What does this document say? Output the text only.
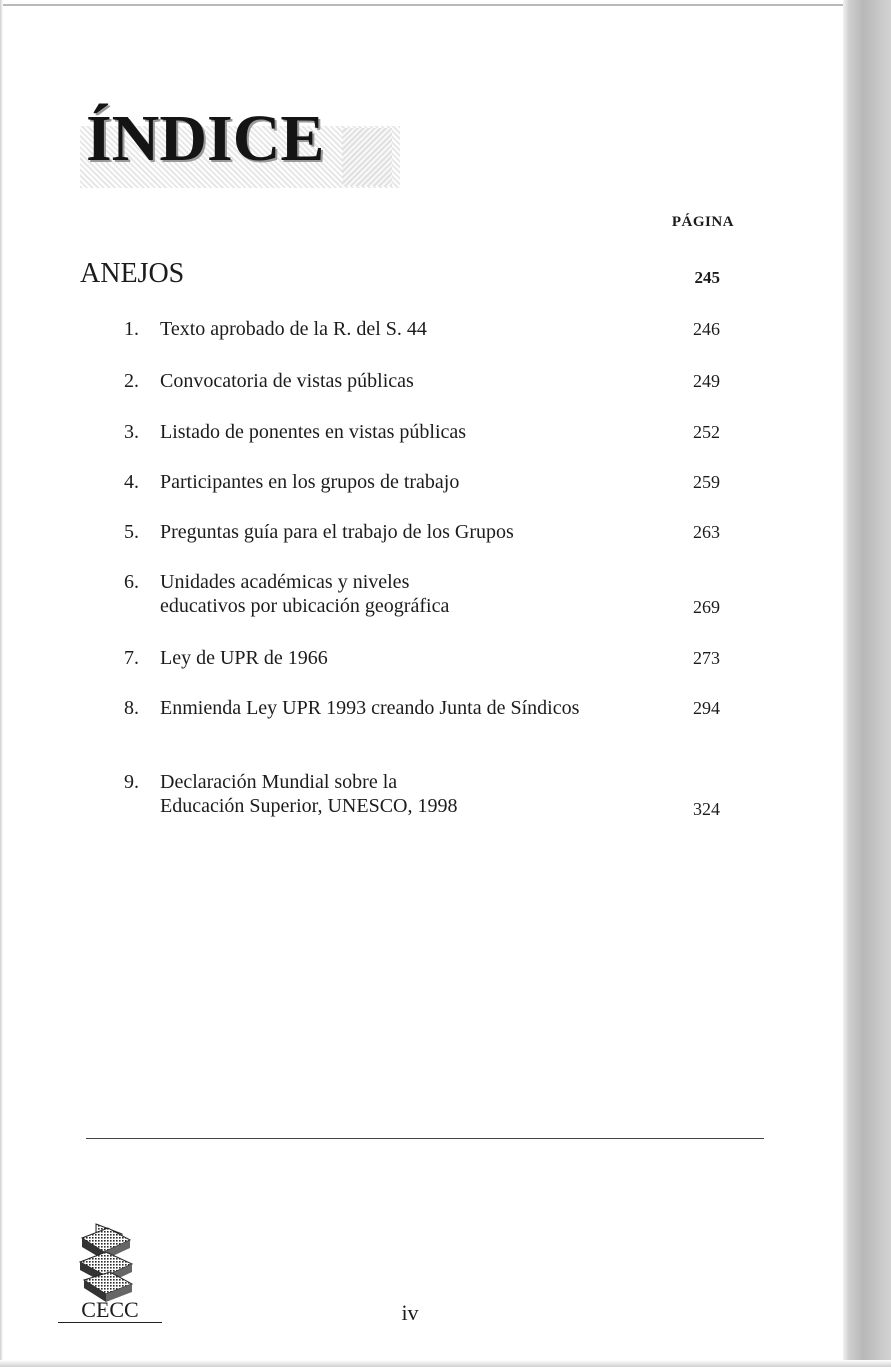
ÍNDICE
PÁGINA
ANEJOS	245
1. Texto aprobado de la R. del S. 44	246
2. Convocatoria de vistas públicas	249
3. Listado de ponentes en vistas públicas	252
4. Participantes en los grupos de trabajo	259
5. Preguntas guía para el trabajo de los Grupos	263
6. Unidades académicas y niveles
educativos por ubicación geográfica	269
7. Ley de UPR de 1966	273
8. Enmienda Ley UPR 1993 creando Junta de Síndicos	294
9. Declaración Mundial sobre la
Educación Superior, UNESCO, 1998	324
CECC	iv
